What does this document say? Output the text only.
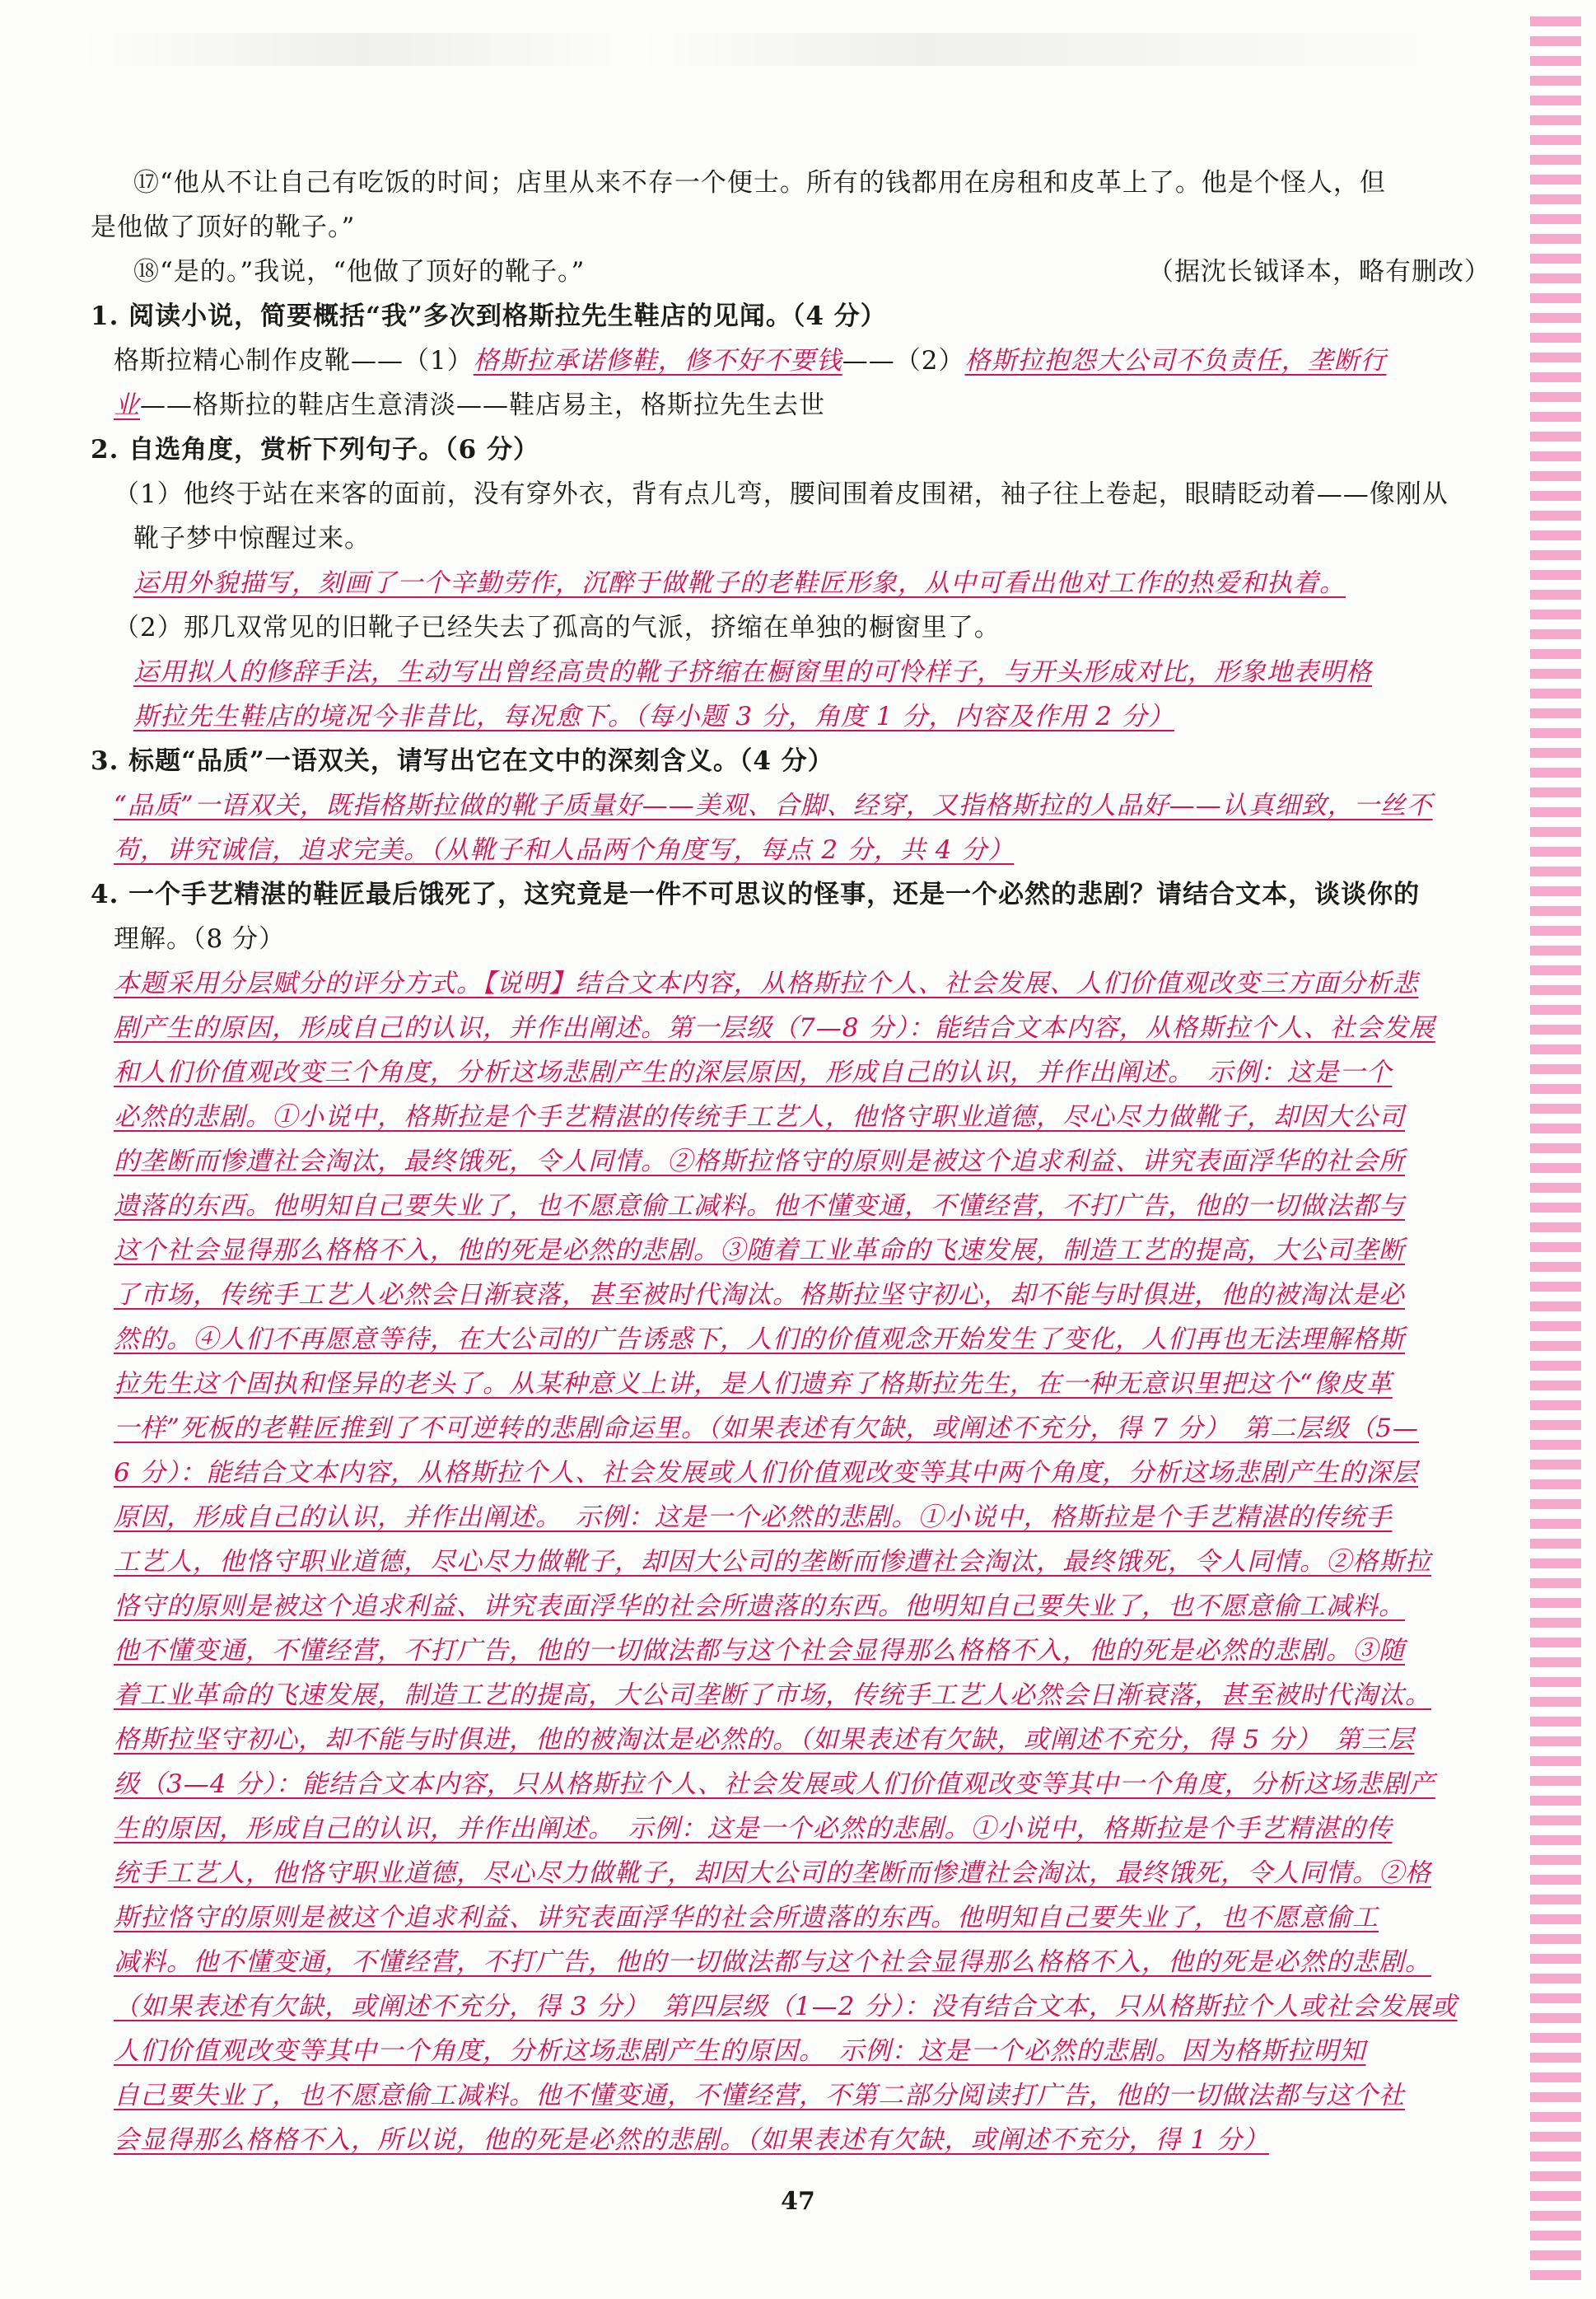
⑰“他从不让自己有吃饭的时间；店里从来不存一个便士。所有的钱都用在房租和皮革上了。他是个怪人，但
是他做了顶好的靴子。”
⑱“是的。”我说，“他做了顶好的靴子。”	（据沈长钺译本，略有删改）
1. 阅读小说，简要概括“我”多次到格斯拉先生鞋店的见闻。（4 分）
格斯拉精心制作皮靴——（1）格斯拉承诺修鞋，修不好不要钱——（2）格斯拉抱怨大公司不负责任，垄断行
业——格斯拉的鞋店生意清淡——鞋店易主，格斯拉先生去世
2. 自选角度，赏析下列句子。（6 分）
（1）他终于站在来客的面前，没有穿外衣，背有点儿弯，腰间围着皮围裙，袖子往上卷起，眼睛眨动着——像刚从
靴子梦中惊醒过来。
运用外貌描写，刻画了一个辛勤劳作，沉醉于做靴子的老鞋匠形象，从中可看出他对工作的热爱和执着。
（2）那几双常见的旧靴子已经失去了孤高的气派，挤缩在单独的橱窗里了。
运用拟人的修辞手法，生动写出曾经高贵的靴子挤缩在橱窗里的可怜样子，与开头形成对比，形象地表明格
斯拉先生鞋店的境况今非昔比，每况愈下。（每小题 3 分，角度 1 分，内容及作用 2 分）
3. 标题“品质”一语双关，请写出它在文中的深刻含义。（4 分）
“品质”一语双关，既指格斯拉做的靴子质量好——美观、合脚、经穿，又指格斯拉的人品好——认真细致，一丝不
苟，讲究诚信，追求完美。（从靴子和人品两个角度写，每点 2 分，共 4 分）
4. 一个手艺精湛的鞋匠最后饿死了，这究竟是一件不可思议的怪事，还是一个必然的悲剧？请结合文本，谈谈你的
理解。（8 分）
本题采用分层赋分的评分方式。【说明】结合文本内容，从格斯拉个人、社会发展、人们价值观改变三方面分析悲
剧产生的原因，形成自己的认识，并作出阐述。第一层级（7—8 分）：能结合文本内容，从格斯拉个人、社会发展
和人们价值观改变三个角度，分析这场悲剧产生的深层原因，形成自己的认识，并作出阐述。　示例：这是一个
必然的悲剧。①小说中，格斯拉是个手艺精湛的传统手工艺人，他恪守职业道德，尽心尽力做靴子，却因大公司
的垄断而惨遭社会淘汰，最终饿死，令人同情。②格斯拉恪守的原则是被这个追求利益、讲究表面浮华的社会所
遗落的东西。他明知自己要失业了，也不愿意偷工减料。他不懂变通，不懂经营，不打广告，他的一切做法都与
这个社会显得那么格格不入，他的死是必然的悲剧。③随着工业革命的飞速发展，制造工艺的提高，大公司垄断
了市场，传统手工艺人必然会日渐衰落，甚至被时代淘汰。格斯拉坚守初心，却不能与时俱进，他的被淘汰是必
然的。④人们不再愿意等待，在大公司的广告诱惑下，人们的价值观念开始发生了变化，人们再也无法理解格斯
拉先生这个固执和怪异的老头了。从某种意义上讲，是人们遗弃了格斯拉先生，在一种无意识里把这个“像皮革
一样”死板的老鞋匠推到了不可逆转的悲剧命运里。（如果表述有欠缺，或阐述不充分，得 7 分）　第二层级（5—
6 分）：能结合文本内容，从格斯拉个人、社会发展或人们价值观改变等其中两个角度，分析这场悲剧产生的深层
原因，形成自己的认识，并作出阐述。　示例：这是一个必然的悲剧。①小说中，格斯拉是个手艺精湛的传统手
工艺人，他恪守职业道德，尽心尽力做靴子，却因大公司的垄断而惨遭社会淘汰，最终饿死，令人同情。②格斯拉
恪守的原则是被这个追求利益、讲究表面浮华的社会所遗落的东西。他明知自己要失业了，也不愿意偷工减料。
他不懂变通，不懂经营，不打广告，他的一切做法都与这个社会显得那么格格不入，他的死是必然的悲剧。③随
着工业革命的飞速发展，制造工艺的提高，大公司垄断了市场，传统手工艺人必然会日渐衰落，甚至被时代淘汰。
格斯拉坚守初心，却不能与时俱进，他的被淘汰是必然的。（如果表述有欠缺，或阐述不充分，得 5 分）　第三层
级（3—4 分）：能结合文本内容，只从格斯拉个人、社会发展或人们价值观改变等其中一个角度，分析这场悲剧产
生的原因，形成自己的认识，并作出阐述。　示例：这是一个必然的悲剧。①小说中，格斯拉是个手艺精湛的传
统手工艺人，他恪守职业道德，尽心尽力做靴子，却因大公司的垄断而惨遭社会淘汰，最终饿死，令人同情。②格
斯拉恪守的原则是被这个追求利益、讲究表面浮华的社会所遗落的东西。他明知自己要失业了，也不愿意偷工
减料。他不懂变通，不懂经营，不打广告，他的一切做法都与这个社会显得那么格格不入，他的死是必然的悲剧。
（如果表述有欠缺，或阐述不充分，得 3 分）　第四层级（1—2 分）：没有结合文本，只从格斯拉个人或社会发展或
人们价值观改变等其中一个角度，分析这场悲剧产生的原因。　示例：这是一个必然的悲剧。因为格斯拉明知
自己要失业了，也不愿意偷工减料。他不懂变通，不懂经营，不第二部分阅读打广告，他的一切做法都与这个社
会显得那么格格不入，所以说，他的死是必然的悲剧。（如果表述有欠缺，或阐述不充分，得 1 分）
47
